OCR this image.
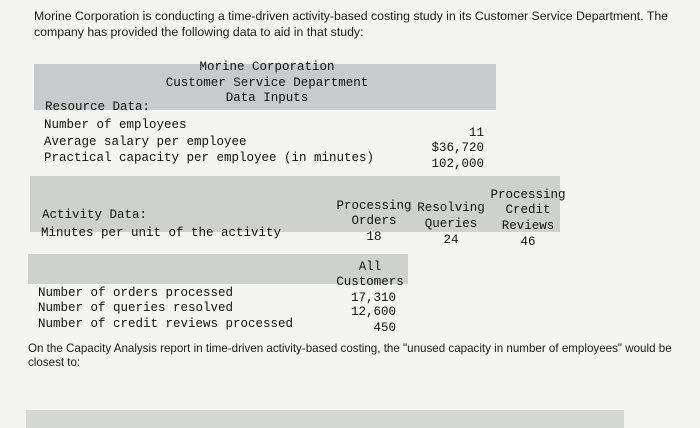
Morine Corporation is conducting a time-driven activity-based costing study in its Customer Service Department. The company has provided the following data to aid in that study:
Morine Corporation
Customer Service Department
Data Inputs
Resource Data:
Number of employees
Average salary per employee
Practical capacity per employee (in minutes)
11
$36,720
102,000
Activity Data:
Minutes per unit of the activity
Processing
Orders
18
Resolving
Queries
24
Processing
Credit
Reviews
46
All
Customers
Number of orders processed
Number of queries resolved
Number of credit reviews processed
17,310
12,600
450
On the Capacity Analysis report in time-driven activity-based costing, the "unused capacity in number of employees" would be closest to:
